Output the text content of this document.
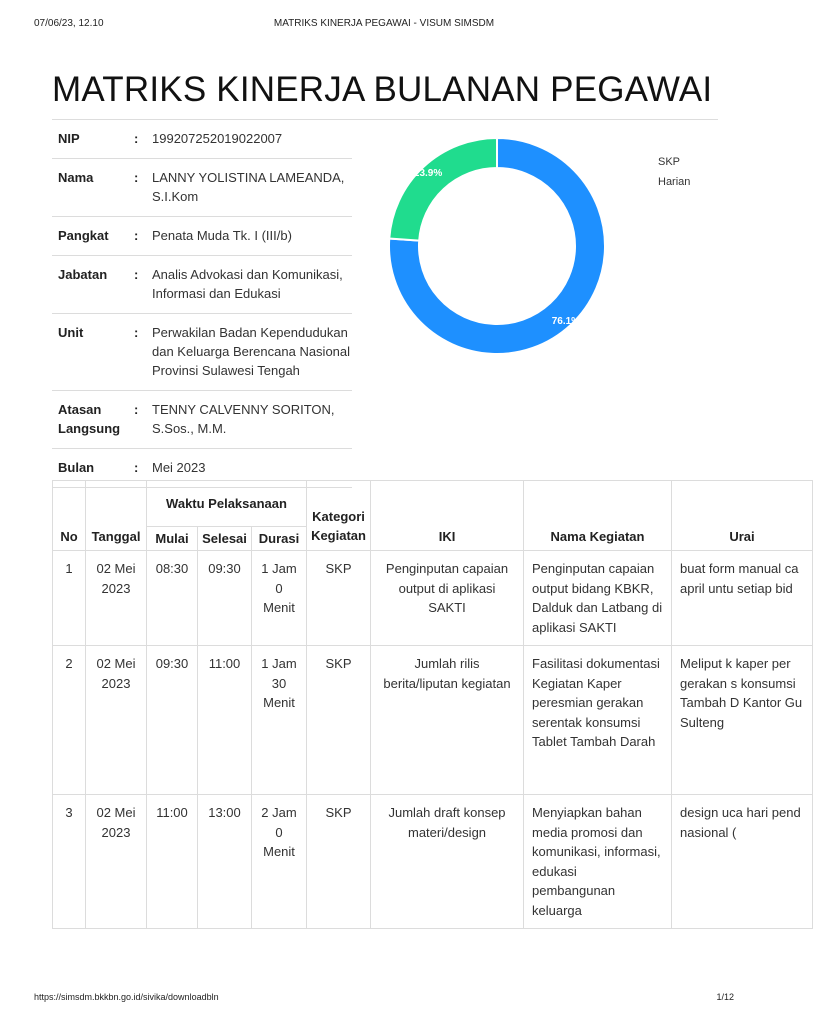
07/06/23, 12.10	MATRIKS KINERJA PEGAWAI - VISUM SIMSDM
MATRIKS KINERJA BULANAN PEGAWAI
NIP	:	199207252019022007
Nama	:	LANNY YOLISTINA LAMEANDA, S.I.Kom
Pangkat	:	Penata Muda Tk. I (III/b)
Jabatan	:	Analis Advokasi dan Komunikasi, Informasi dan Edukasi
Unit	:	Perwakilan Badan Kependudukan dan Keluarga Berencana Nasional Provinsi Sulawesi Tengah
Atasan Langsung	:	TENNY CALVENNY SORITON, S.Sos., M.M.
Bulan	:	Mei 2023
76.1%
23.9%
SKP
Harian
No	Tanggal	Waktu Pelaksanaan			Kategori Kegiatan	IKI	Nama Kegiatan	Urai
		Mulai	Selesai	Durasi				
1	02 Mei 2023	08:30	09:30	1 Jam 0 Menit	SKP	Penginputan capaian output di aplikasi SAKTI	Penginputan capaian output bidang KBKR, Dalduk dan Latbang di aplikasi SAKTI	buat form manual ca april untu setiap bid
2	02 Mei 2023	09:30	11:00	1 Jam 30 Menit	SKP	Jumlah rilis berita/liputan kegiatan	Fasilitasi dokumentasi Kegiatan Kaper peresmian gerakan serentak konsumsi Tablet Tambah Darah	Meliput k kaper per gerakan s konsumsi Tambah D Kantor Gu Sulteng
3	02 Mei 2023	11:00	13:00	2 Jam 0 Menit	SKP	Jumlah draft konsep materi/design	Menyiapkan bahan media promosi dan komunikasi, informasi, edukasi pembangunan keluarga	design uca hari pend nasional (
https://simsdm.bkkbn.go.id/sivika/downloadbln	1/12
